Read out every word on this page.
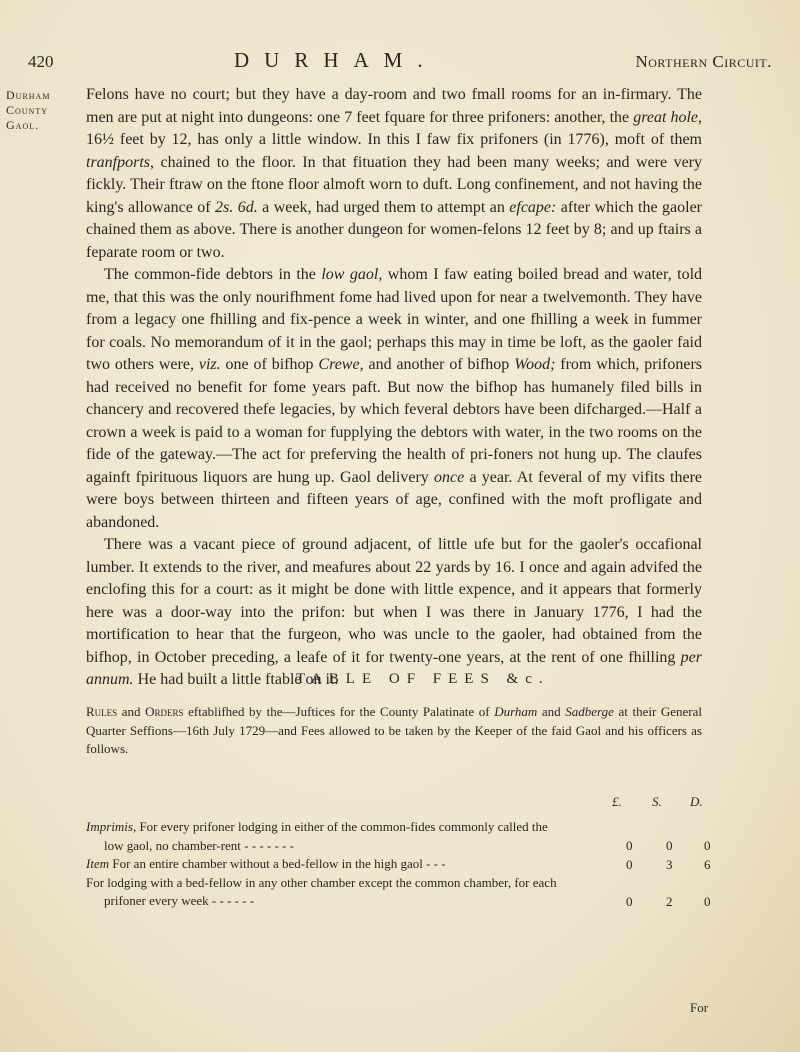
420	DURHAM.	Northern Circuit.
Durham
County
Gaol.

Felons have no court; but they have a day-room and two fmall rooms for an in-firmary. The men are put at night into dungeons: one 7 feet fquare for three prifoners: another, the great hole, 16½ feet by 12, has only a little window. In this I faw fix prifoners (in 1776), moft of them tranfports, chained to the floor. In that fituation they had been many weeks; and were very fickly. Their ftraw on the ftone floor almoft worn to duft. Long confinement, and not having the king's allowance of 2s. 6d. a week, had urged them to attempt an efcape: after which the gaoler chained them as above. There is another dungeon for women-felons 12 feet by 8; and up ftairs a feparate room or two.

The common-fide debtors in the low gaol, whom I faw eating boiled bread and water, told me, that this was the only nourifhment fome had lived upon for near a twelvemonth. They have from a legacy one fhilling and fix-pence a week in winter, and one fhilling a week in fummer for coals. No memorandum of it in the gaol; perhaps this may in time be loft, as the gaoler faid two others were, viz. one of bifhop Crewe, and another of bifhop Wood; from which, prifoners had received no benefit for fome years paft. But now the bifhop has humanely filed bills in chancery and recovered thefe legacies, by which feveral debtors have been difcharged.—Half a crown a week is paid to a woman for fupplying the debtors with water, in the two rooms on the fide of the gateway.—The act for preferving the health of pri-foners not hung up. The claufes againft fpirituous liquors are hung up. Gaol delivery once a year. At feveral of my vifits there were boys between thirteen and fifteen years of age, confined with the moft profligate and abandoned.

There was a vacant piece of ground adjacent, of little ufe but for the gaoler's occafional lumber. It extends to the river, and meafures about 22 yards by 16. I once and again advifed the enclofing this for a court: as it might be done with little expence, and it appears that formerly here was a door-way into the prifon: but when I was there in January 1776, I had the mortification to hear that the furgeon, who was uncle to the gaoler, had obtained from the bifhop, in October preceding, a leafe of it for twenty-one years, at the rent of one fhilling per annum. He had built a little ftable on it.

TABLE OF FEES &c.
Rules and Orders eftablifhed by the—Juftices for the County Palatinate of Durham and Sadberge at their General Quarter Seffions—16th July 1729—and Fees allowed to be taken by the Keeper of the faid Gaol and his officers as follows.
£. S. D.
Imprimis, For every prifoner lodging in either of the common-fides commonly called the
low gaol, no chamber-rent - - - - - - -	0	0 0
Item For an entire chamber without a bed-fellow in the high gaol - - -	0	3 6
For lodging with a bed-fellow in any other chamber except the common chamber, for each
prifoner every week - - - - - -	0	2 0
For
